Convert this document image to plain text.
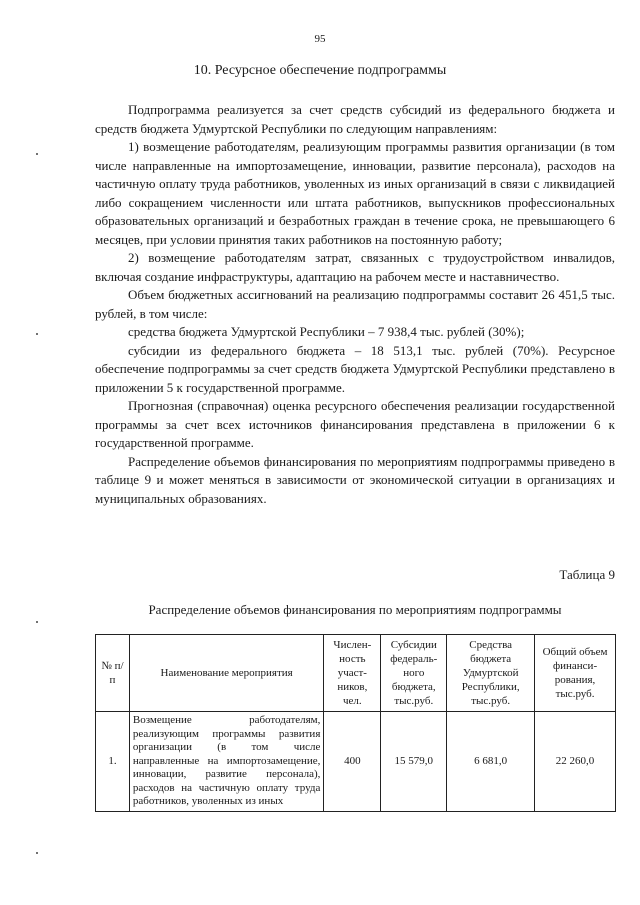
95
10. Ресурсное обеспечение подпрограммы

Подпрограмма реализуется за счет средств субсидий из федерального бюджета и средств бюджета Удмуртской Республики по следующим направлениям:

1) возмещение работодателям, реализующим программы развития организации (в том числе направленные на импортозамещение, инновации, развитие персонала), расходов на частичную оплату труда работников, уволенных из иных организаций в связи с ликвидацией либо сокращением численности или штата работников, выпускников профессиональных образовательных организаций и безработных граждан в течение срока, не превышающего 6 месяцев, при условии принятия таких работников на постоянную работу;

2) возмещение работодателям затрат, связанных с трудоустройством инвалидов, включая создание инфраструктуры, адаптацию на рабочем месте и наставничество.

Объем бюджетных ассигнований на реализацию подпрограммы составит 26 451,5 тыс. рублей, в том числе:

средства бюджета Удмуртской Республики – 7 938,4 тыс. рублей (30%);

субсидии из федерального бюджета – 18 513,1 тыс. рублей (70%). Ресурсное обеспечение подпрограммы за счет средств бюджета Удмуртской Республики представлено в приложении 5 к государственной программе.

Прогнозная (справочная) оценка ресурсного обеспечения реализации государственной программы за счет всех источников финансирования представлена в приложении 6 к государственной программе.

Распределение объемов финансирования по мероприятиям подпрограммы приведено в таблице 9 и может меняться в зависимости от экономической ситуации в организациях и муниципальных образованиях.

Таблица 9
Распределение объемов финансирования по мероприятиям подпрограммы
№ п/п	Наименование мероприятия	Числен-ность участ-ников, чел.	Субсидии федераль-ного бюджета, тыс.руб.	Средства бюджета Удмуртской Республики, тыс.руб.	Общий объем финанси-рования, тыс.руб.
1.	Возмещение работодателям, реализующим программы развития организации (в том числе направленные на импортозамещение, инновации, развитие персонала), расходов на частичную оплату труда работников, уволенных из иных	400	15 579,0	6 681,0	22 260,0
